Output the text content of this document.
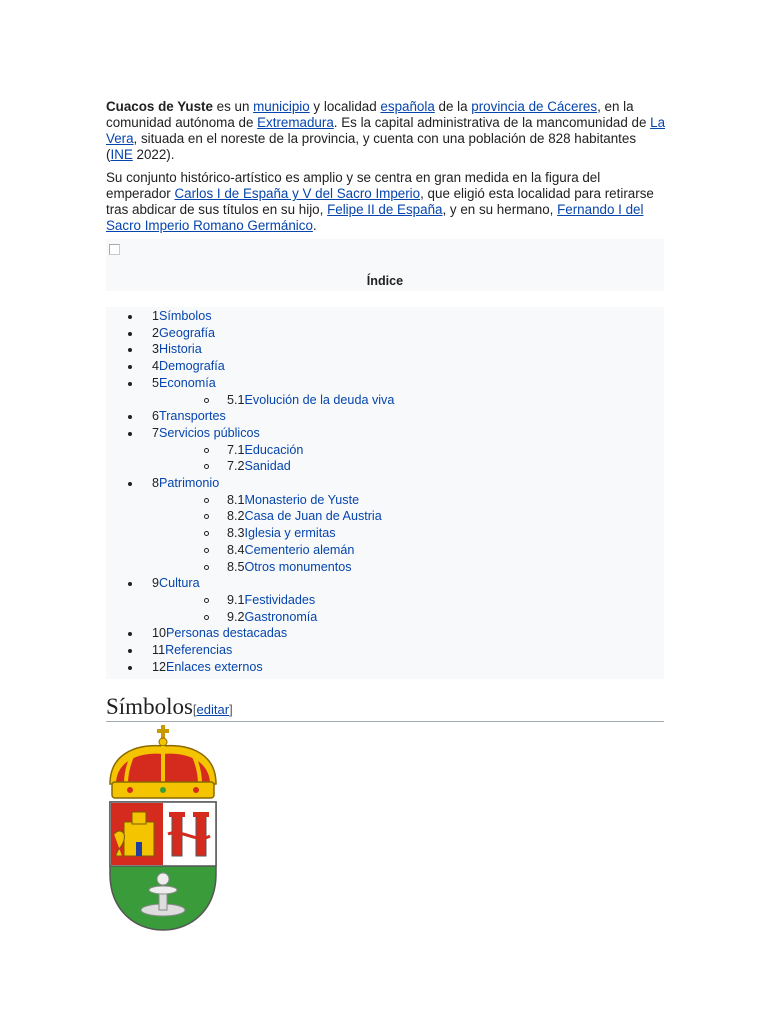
Cuacos de Yuste es un municipio y localidad española de la provincia de Cáceres, en la comunidad autónoma de Extremadura. Es la capital administrativa de la mancomunidad de La Vera, situada en el noreste de la provincia, y cuenta con una población de 828 habitantes (INE 2022).

Su conjunto histórico-artístico es amplio y se centra en gran medida en la figura del emperador Carlos I de España y V del Sacro Imperio, que eligió esta localidad para retirarse tras abdicar de sus títulos en su hijo, Felipe II de España, y en su hermano, Fernando I del Sacro Imperio Romano Germánico.

Índice
1Símbolos
2Geografía
3Historia
4Demografía
5Economía
5.1Evolución de la deuda viva
6Transportes
7Servicios públicos
7.1Educación
7.2Sanidad
8Patrimonio
8.1Monasterio de Yuste
8.2Casa de Juan de Austria
8.3Iglesia y ermitas
8.4Cementerio alemán
8.5Otros monumentos
9Cultura
9.1Festividades
9.2Gastronomía
10Personas destacadas
11Referencias
12Enlaces externos
Símbolos[editar]
